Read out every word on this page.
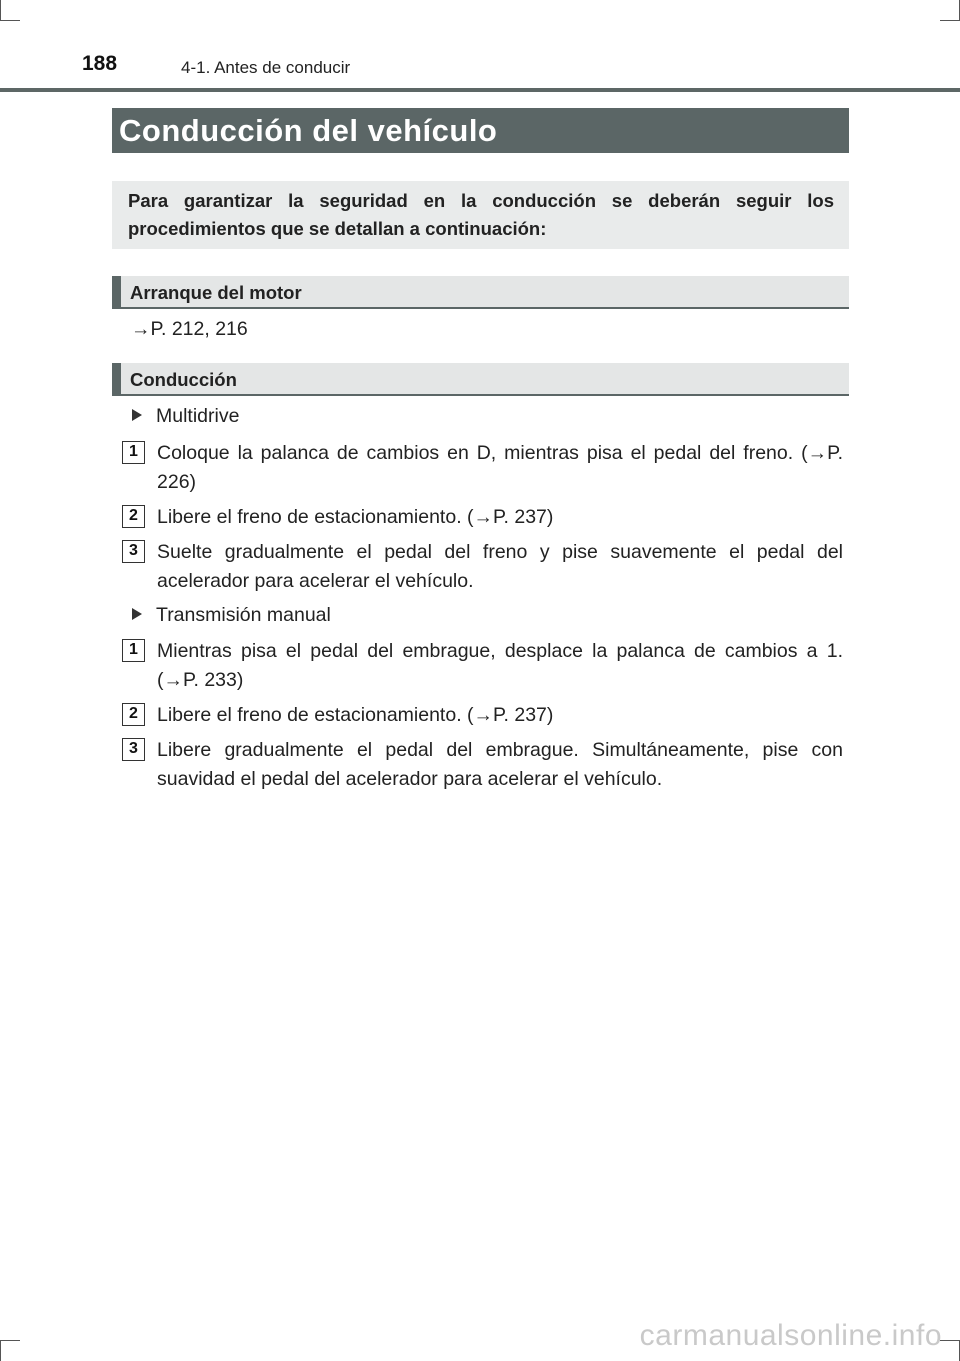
188	4-1. Antes de conducir
Conducción del vehículo
Para garantizar la seguridad en la conducción se deberán seguir los procedimientos que se detallan a continuación:
Arranque del motor
→P. 212, 216
Conducción
Multidrive
1 Coloque la palanca de cambios en D, mientras pisa el pedal del freno. (→P. 226)
2 Libere el freno de estacionamiento. (→P. 237)
3 Suelte gradualmente el pedal del freno y pise suavemente el pedal del acelerador para acelerar el vehículo.
Transmisión manual
1 Mientras pisa el pedal del embrague, desplace la palanca de cambios a 1. (→P. 233)
2 Libere el freno de estacionamiento. (→P. 237)
3 Libere gradualmente el pedal del embrague. Simultáneamente, pise con suavidad el pedal del acelerador para acelerar el vehículo.
carmanualsonline.info
